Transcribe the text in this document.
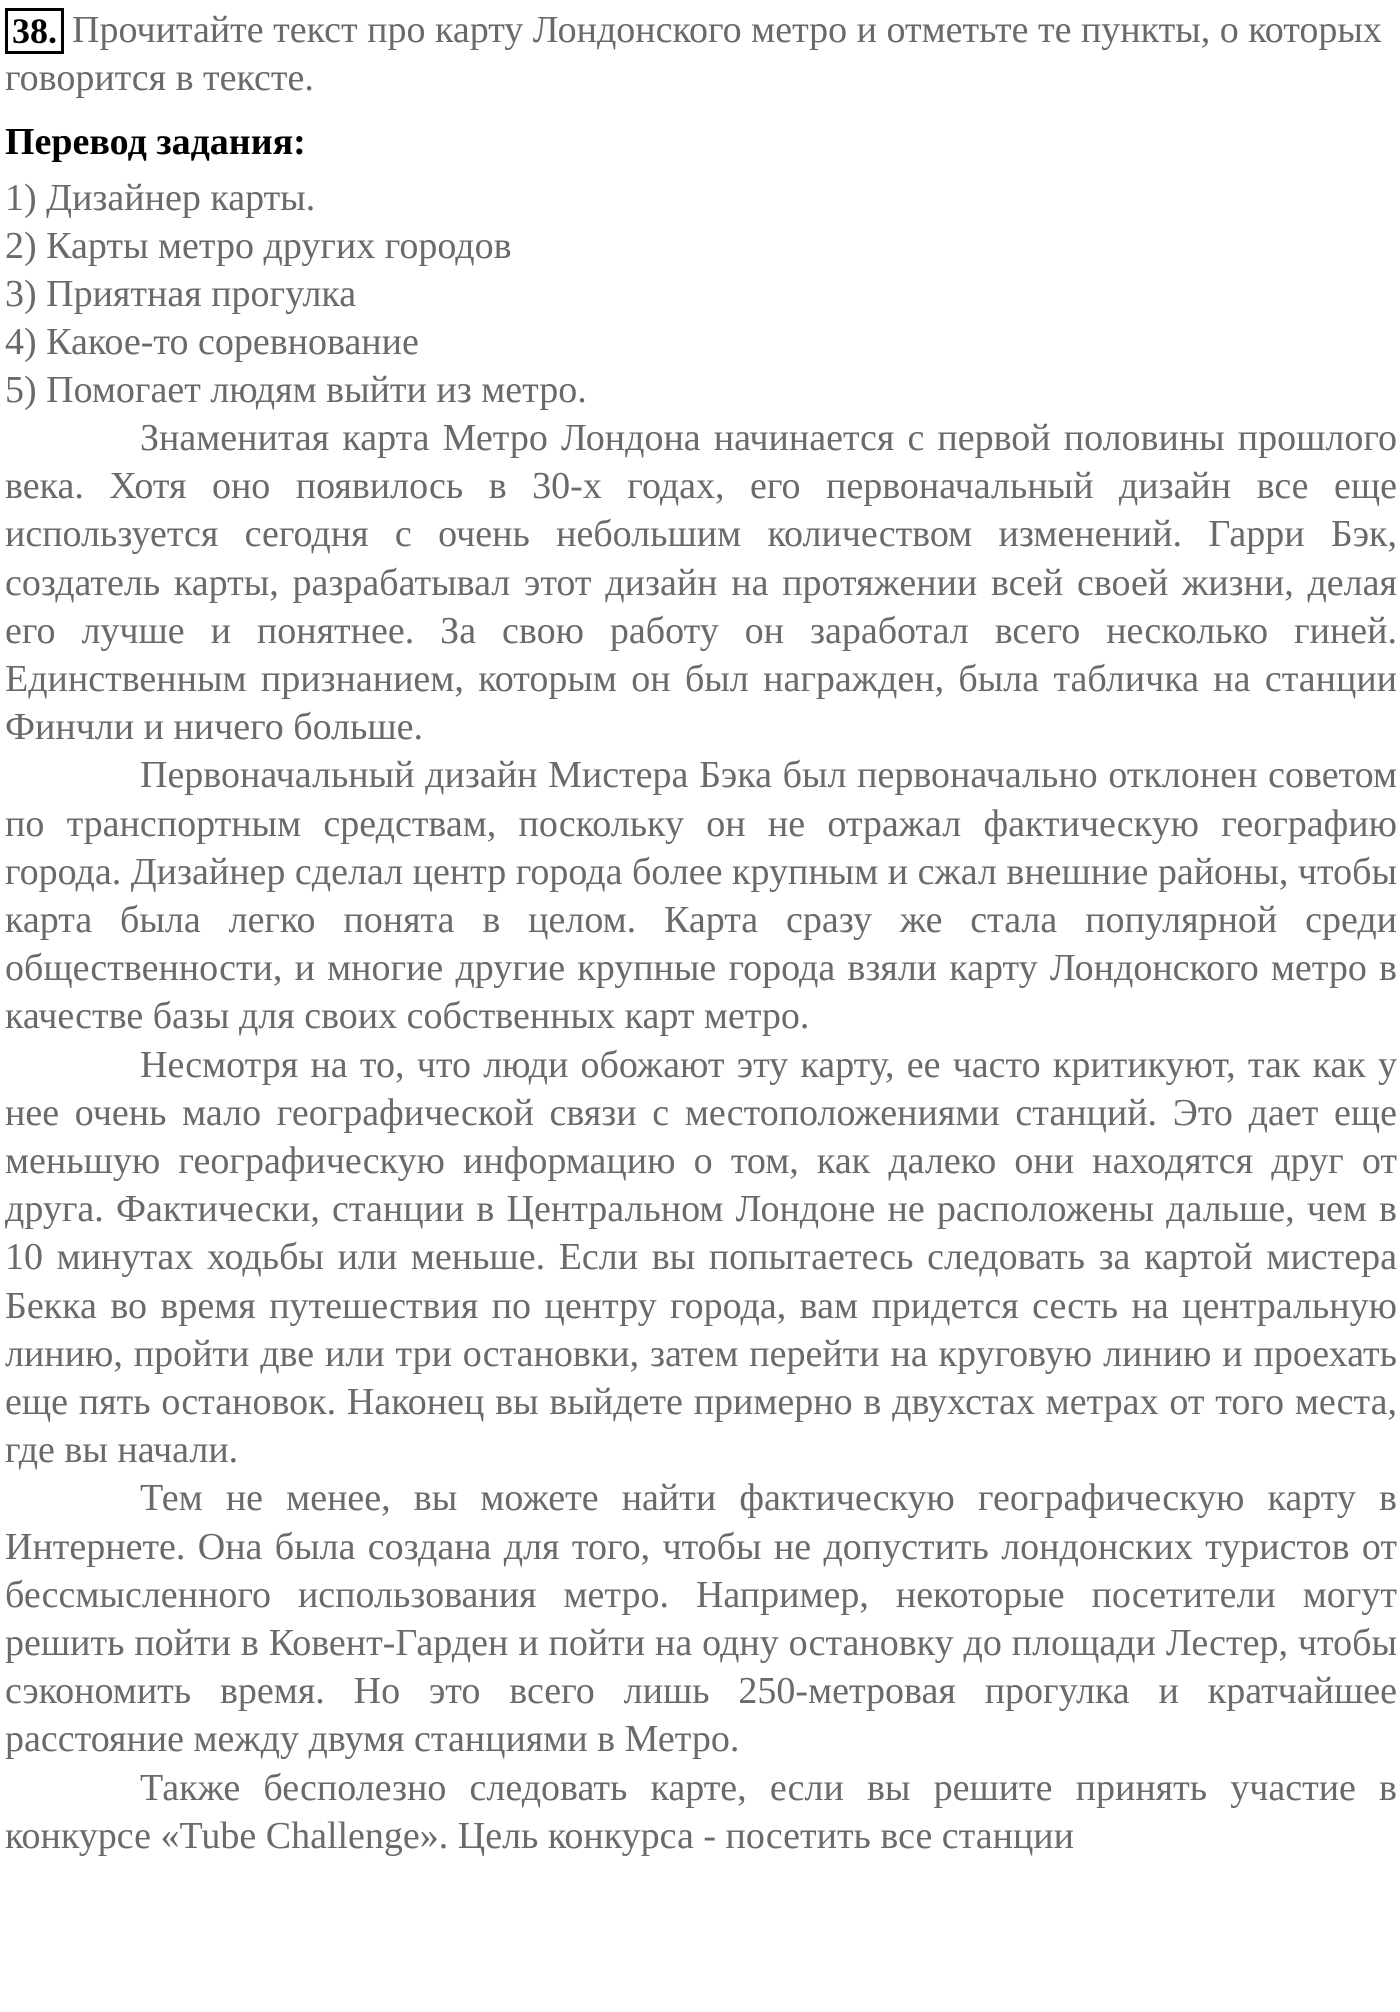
38. Прочитайте текст про карту Лондонского метро и отметьте те пункты, о которых говорится в тексте.
Перевод задания:
1) Дизайнер карты.
2) Карты метро других городов
3) Приятная прогулка
4) Какое-то соревнование
5) Помогает людям выйти из метро.

Знаменитая карта Метро Лондона начинается с первой половины прошлого века. Хотя оно появилось в 30-х годах, его первоначальный дизайн все еще используется сегодня с очень небольшим количеством изменений. Гарри Бэк, создатель карты, разрабатывал этот дизайн на протяжении всей своей жизни, делая его лучше и понятнее. За свою работу он заработал всего несколько гиней. Единственным признанием, которым он был награжден, была табличка на станции Финчли и ничего больше.

Первоначальный дизайн Мистера Бэка был первоначально отклонен советом по транспортным средствам, поскольку он не отражал фактическую географию города. Дизайнер сделал центр города более крупным и сжал внешние районы, чтобы карта была легко понята в целом. Карта сразу же стала популярной среди общественности, и многие другие крупные города взяли карту Лондонского метро в качестве базы для своих собственных карт метро.

Несмотря на то, что люди обожают эту карту, ее часто критикуют, так как у нее очень мало географической связи с местоположениями станций. Это дает еще меньшую географическую информацию о том, как далеко они находятся друг от друга. Фактически, станции в Центральном Лондоне не расположены дальше, чем в 10 минутах ходьбы или меньше. Если вы попытаетесь следовать за картой мистера Бекка во время путешествия по центру города, вам придется сесть на центральную линию, пройти две или три остановки, затем перейти на круговую линию и проехать еще пять остановок. Наконец вы выйдете примерно в двухстах метрах от того места, где вы начали.

Тем не менее, вы можете найти фактическую географическую карту в Интернете. Она была создана для того, чтобы не допустить лондонских туристов от бессмысленного использования метро. Например, некоторые посетители могут решить пойти в Ковент-Гарден и пойти на одну остановку до площади Лестер, чтобы сэкономить время. Но это всего лишь 250-метровая прогулка и кратчайшее расстояние между двумя станциями в Метро.

Также бесполезно следовать карте, если вы решите принять участие в конкурсе «Tube Challenge». Цель конкурса - посетить все станции
